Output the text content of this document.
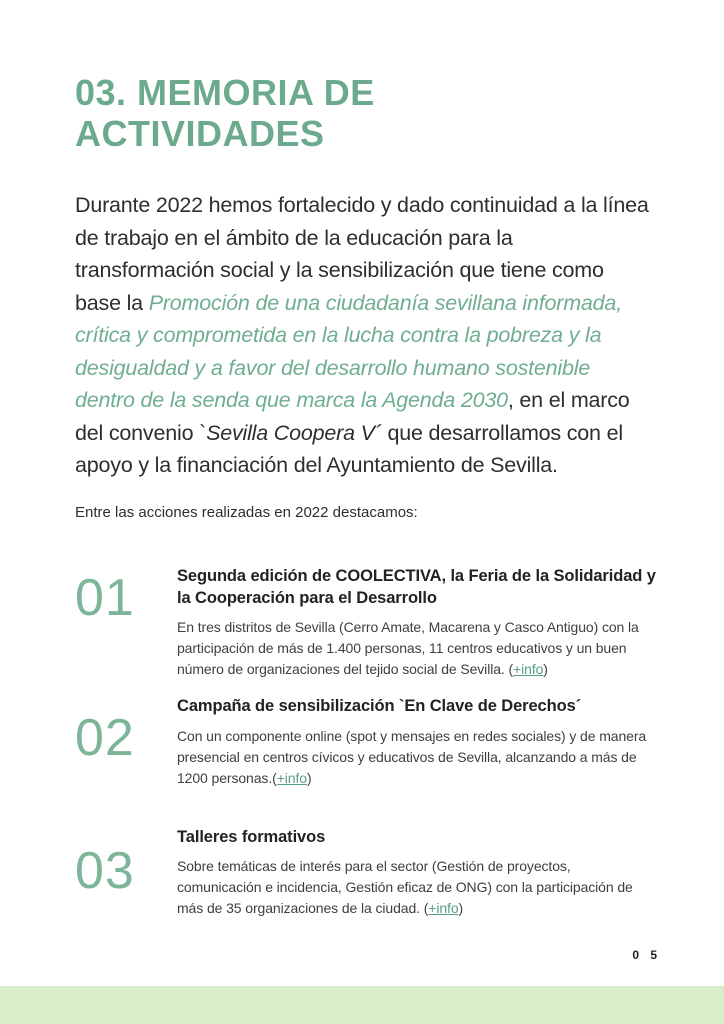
03. MEMORIA DE
ACTIVIDADES

Durante 2022 hemos fortalecido y dado continuidad a la línea de trabajo en el ámbito de la educación para la transformación social y la sensibilización que tiene como base la Promoción de una ciudadanía sevillana informada, crítica y comprometida en la lucha contra la pobreza y la desigualdad y a favor del desarrollo humano sostenible dentro de la senda que marca la Agenda 2030, en el marco del convenio `Sevilla Coopera V´ que desarrollamos con el apoyo y la financiación del Ayuntamiento de Sevilla.

Entre las acciones realizadas en 2022 destacamos:

01	Segunda edición de COOLECTIVA, la Feria de la Solidaridad y la Cooperación para el Desarrollo

En tres distritos de Sevilla (Cerro Amate, Macarena y Casco Antiguo) con la participación de más de 1.400 personas, 11 centros educativos y un buen número de organizaciones del tejido social de Sevilla. (+info)

02
Campaña de sensibilización `En Clave de Derechos´

Con un componente online (spot y mensajes en redes sociales) y de manera presencial en centros cívicos y educativos de Sevilla, alcanzando a más de 1200 personas.(+info)

03
Talleres formativos

Sobre temáticas de interés para el sector (Gestión de proyectos, comunicación e incidencia, Gestión eficaz de ONG) con la participación de más de 35 organizaciones de la ciudad. (+info)

0 5
